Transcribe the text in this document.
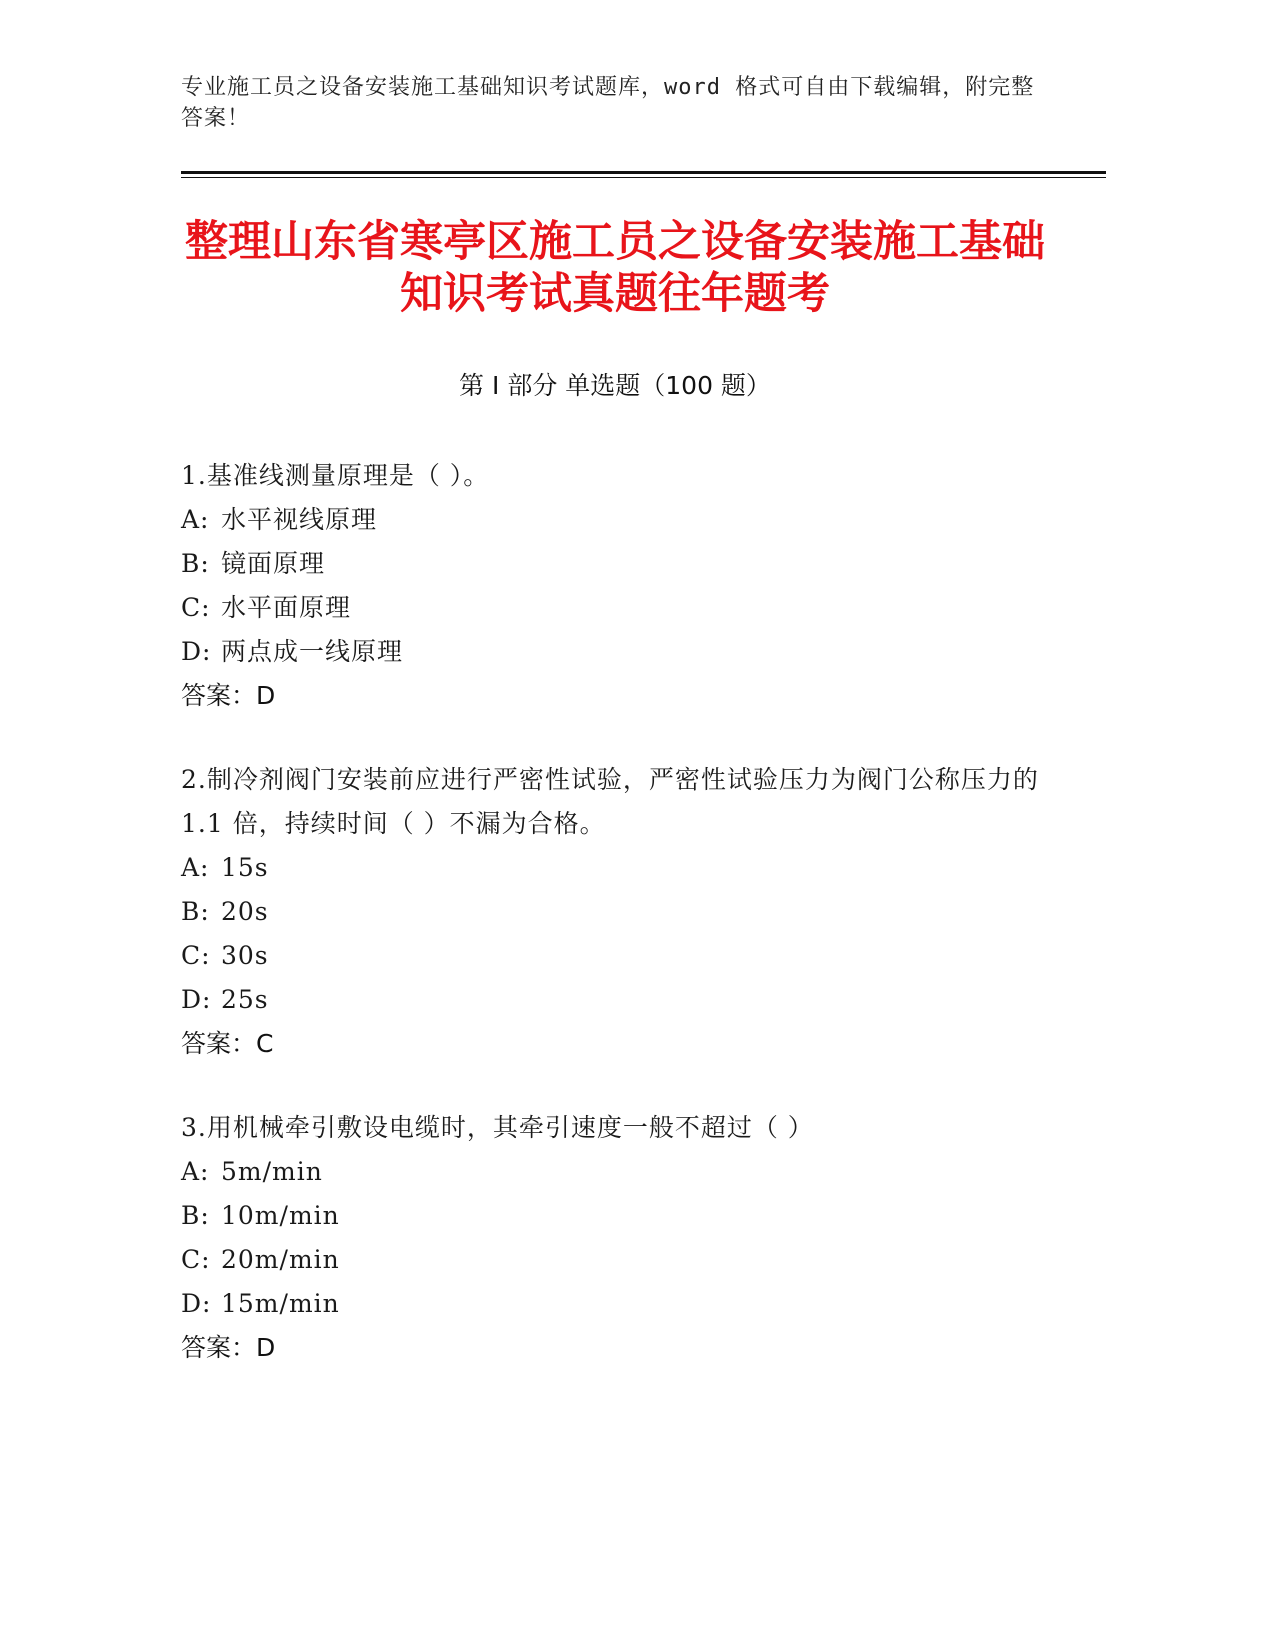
专业施工员之设备安装施工基础知识考试题库，word 格式可自由下载编辑，附完整答案！
整理山东省寒亭区施工员之设备安装施工基础知识考试真题往年题考
第 I 部分 单选题（100 题）
1.基准线测量原理是（ ）。
A: 水平视线原理
B: 镜面原理
C: 水平面原理
D: 两点成一线原理
答案：D
2.制冷剂阀门安装前应进行严密性试验，严密性试验压力为阀门公称压力的 1.1 倍，持续时间（ ）不漏为合格。
A: 15s
B: 20s
C: 30s
D: 25s
答案：C
3.用机械牵引敷设电缆时，其牵引速度一般不超过（ ）
A: 5m/min
B: 10m/min
C: 20m/min
D: 15m/min
答案：D
